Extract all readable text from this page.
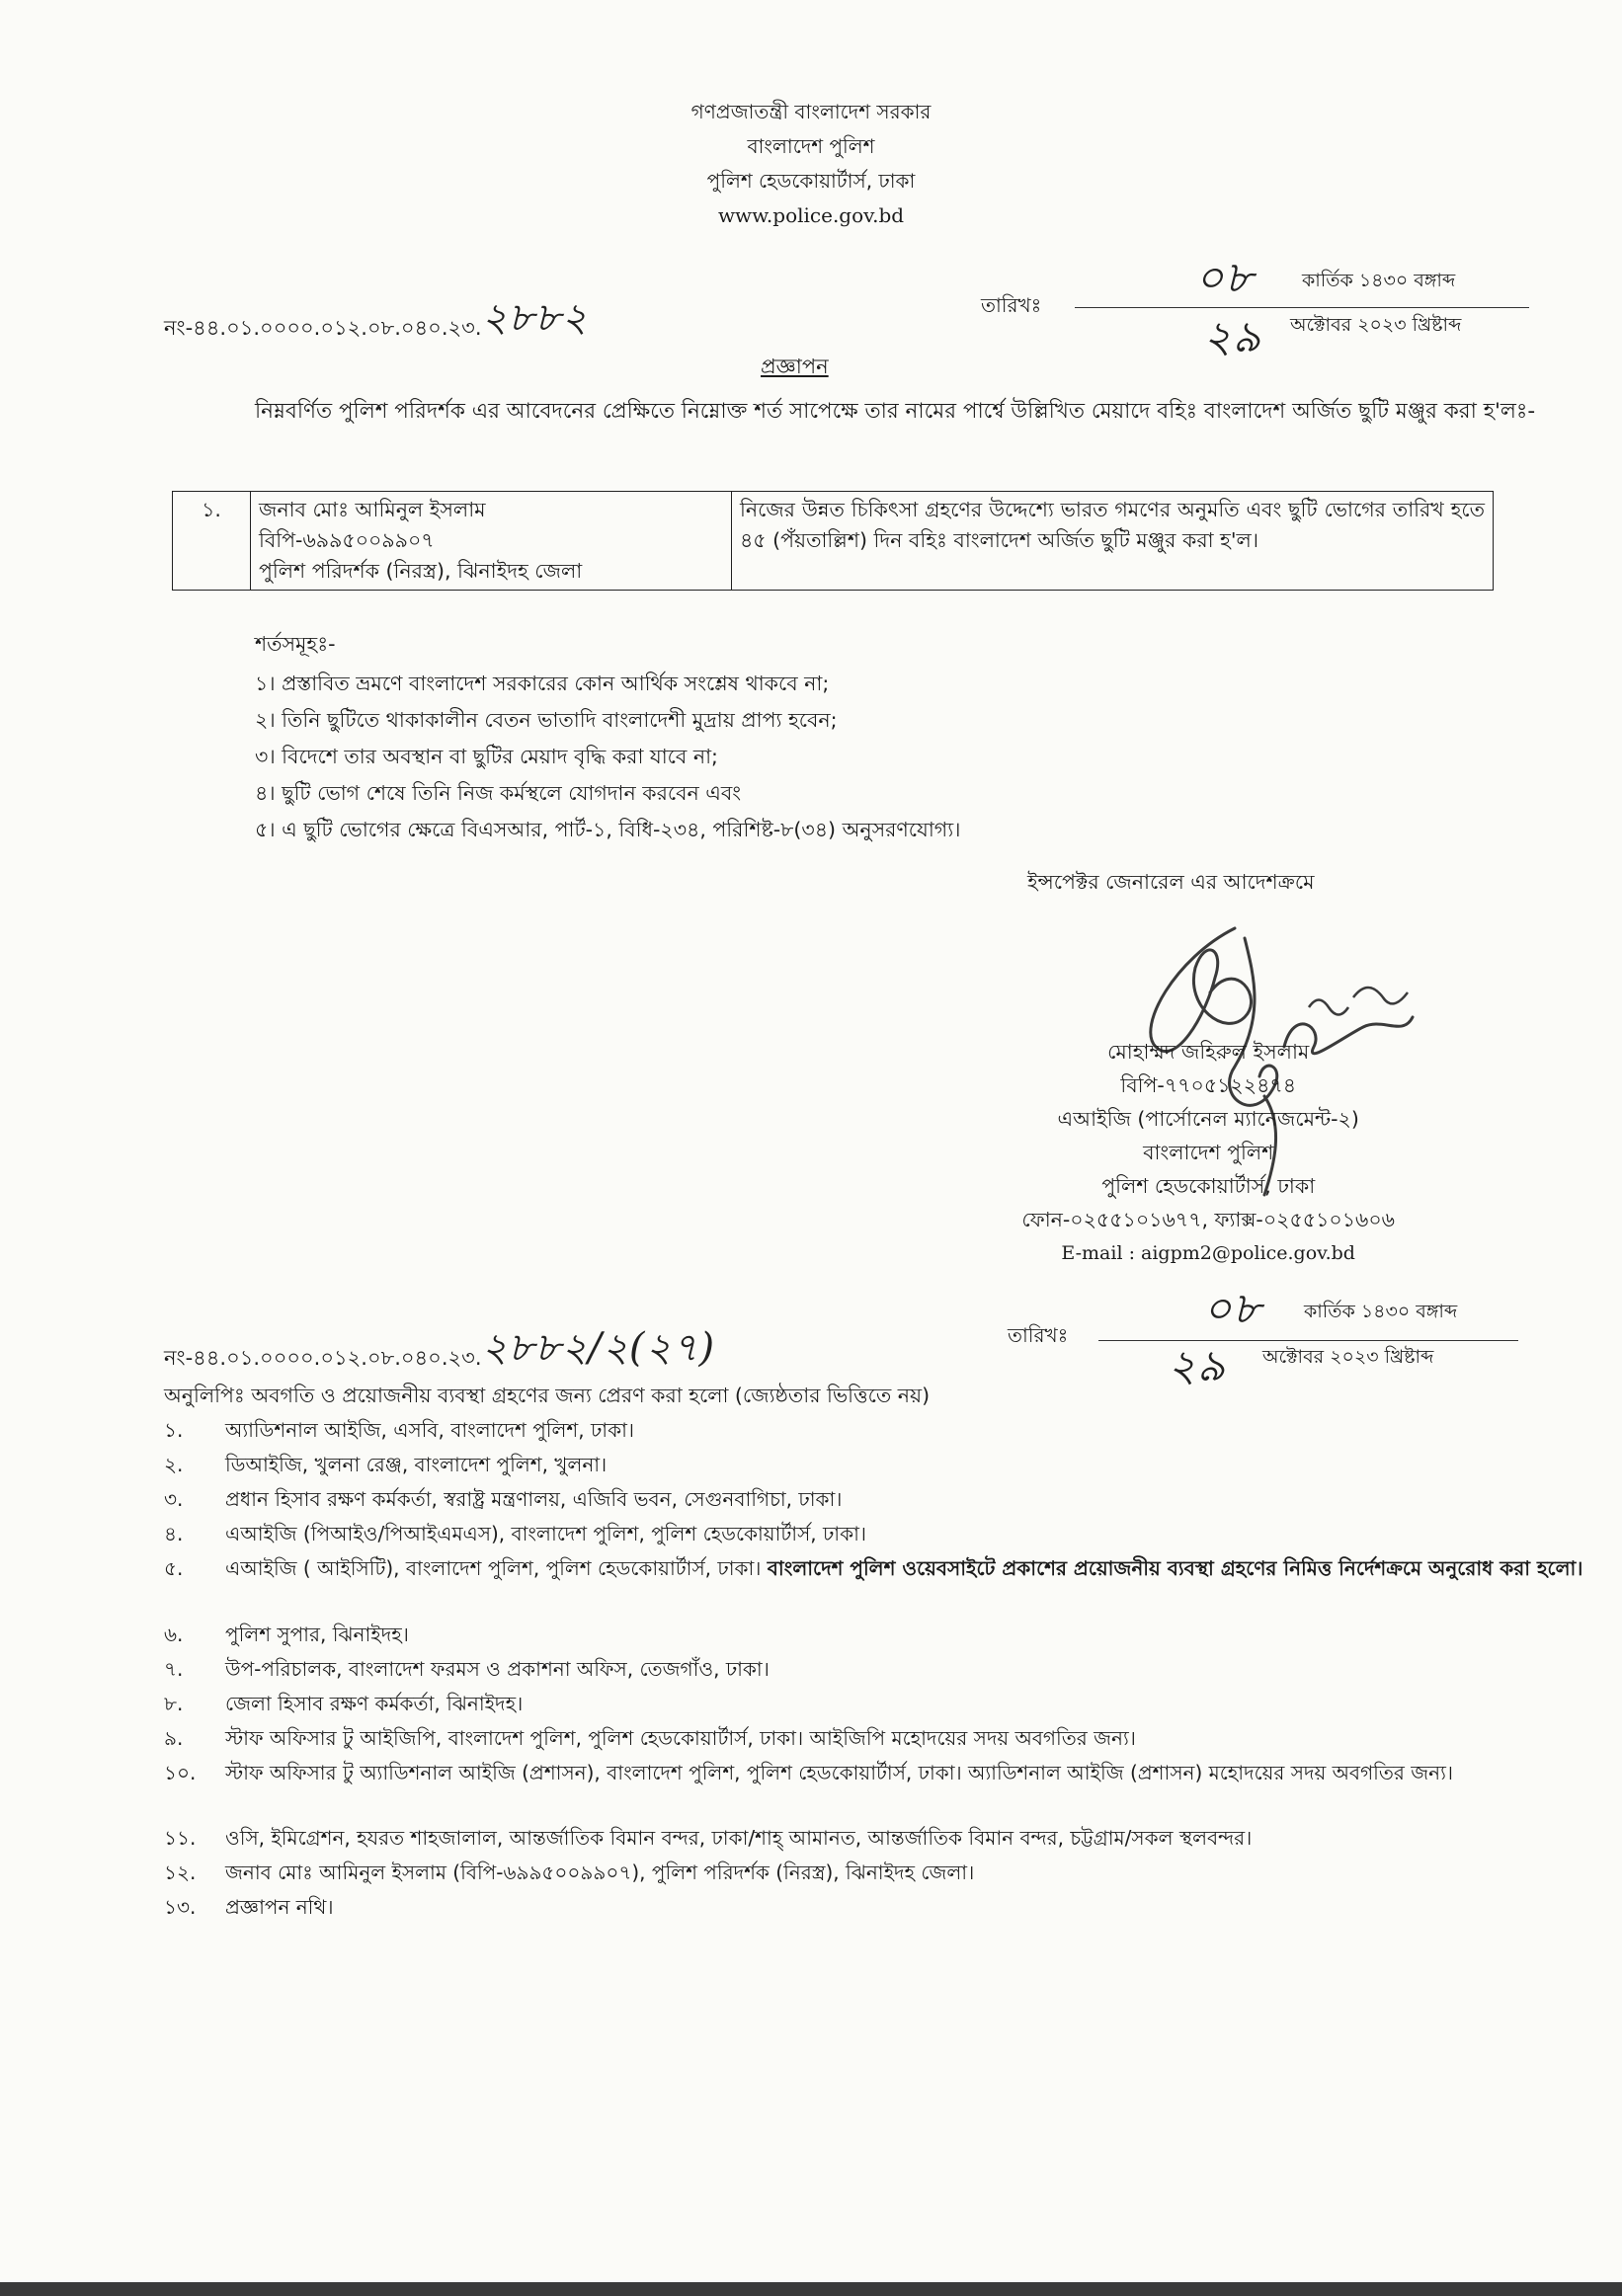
গণপ্রজাতন্ত্রী বাংলাদেশ সরকার
বাংলাদেশ পুলিশ
পুলিশ হেডকোয়ার্টার্স, ঢাকা
www.police.gov.bd
নং-৪৪.০১.০০০০.০১২.০৮.০৪০.২৩.২৮৮২	তারিখঃ
০৮	কার্তিক ১৪৩০ বঙ্গাব্দ
২৯ অক্টোবর ২০২৩ খ্রিষ্টাব্দ
প্রজ্ঞাপন
নিম্নবর্ণিত পুলিশ পরিদর্শক এর আবেদনের প্রেক্ষিতে নিম্নোক্ত শর্ত সাপেক্ষে তার নামের পার্শ্বে উল্লিখিত মেয়াদে বহিঃ বাংলাদেশ অর্জিত ছুটি মঞ্জুর করা হ'লঃ-
১.	জনাব মোঃ আমিনুল ইসলাম
বিপি-৬৯৯৫০০৯৯০৭
পুলিশ পরিদর্শক (নিরস্ত্র), ঝিনাইদহ জেলা
	নিজের উন্নত চিকিৎসা গ্রহণের উদ্দেশ্যে ভারত গমণের অনুমতি এবং ছুটি ভোগের তারিখ হতে ৪৫ (পঁয়তাল্লিশ) দিন বহিঃ বাংলাদেশ অর্জিত ছুটি মঞ্জুর করা হ'ল।
শর্তসমূহঃ-
১। প্রস্তাবিত ভ্রমণে বাংলাদেশ সরকারের কোন আর্থিক সংশ্লেষ থাকবে না;
২। তিনি ছুটিতে থাকাকালীন বেতন ভাতাদি বাংলাদেশী মুদ্রায় প্রাপ্য হবেন;
৩। বিদেশে তার অবস্থান বা ছুটির মেয়াদ বৃদ্ধি করা যাবে না;
৪। ছুটি ভোগ শেষে তিনি নিজ কর্মস্থলে যোগদান করবেন এবং
৫। এ ছুটি ভোগের ক্ষেত্রে বিএসআর, পার্ট-১, বিধি-২৩৪, পরিশিষ্ট-৮(৩৪) অনুসরণযোগ্য।
ইন্সপেক্টর জেনারেল এর আদেশক্রমে
মোহাম্মদ জহিরুল ইসলাম
বিপি-৭৭০৫১২২৪৭৪
এআইজি (পার্সোনেল ম্যানেজমেন্ট-২)
বাংলাদেশ পুলিশ
পুলিশ হেডকোয়ার্টার্স, ঢাকা
ফোন-০২৫৫১০১৬৭৭, ফ্যাক্স-০২৫৫১০১৬০৬
E-mail : aigpm2@police.gov.bd
নং-৪৪.০১.০০০০.০১২.০৮.০৪০.২৩.২৮৮২/২(২৭)	তারিখঃ
০৮ কার্তিক ১৪৩০ বঙ্গাব্দ
২৯ অক্টোবর ২০২৩ খ্রিষ্টাব্দ
অনুলিপিঃ অবগতি ও প্রয়োজনীয় ব্যবস্থা গ্রহণের জন্য প্রেরণ করা হলো (জ্যেষ্ঠতার ভিত্তিতে নয়)
১. অ্যাডিশনাল আইজি, এসবি, বাংলাদেশ পুলিশ, ঢাকা।
২. ডিআইজি, খুলনা রেঞ্জ, বাংলাদেশ পুলিশ, খুলনা।
৩. প্রধান হিসাব রক্ষণ কর্মকর্তা, স্বরাষ্ট্র মন্ত্রণালয়, এজিবি ভবন, সেগুনবাগিচা, ঢাকা।
৪. এআইজি (পিআইও/পিআইএমএস), বাংলাদেশ পুলিশ, পুলিশ হেডকোয়ার্টার্স, ঢাকা।
৫. এআইজি ( আইসিটি), বাংলাদেশ পুলিশ, পুলিশ হেডকোয়ার্টার্স, ঢাকা। বাংলাদেশ পুলিশ ওয়েবসাইটে প্রকাশের প্রয়োজনীয় ব্যবস্থা গ্রহণের নিমিত্ত নির্দেশক্রমে অনুরোধ করা হলো।
৬. পুলিশ সুপার, ঝিনাইদহ।
৭. উপ-পরিচালক, বাংলাদেশ ফরমস ও প্রকাশনা অফিস, তেজগাঁও, ঢাকা।
৮. জেলা হিসাব রক্ষণ কর্মকর্তা, ঝিনাইদহ।
৯. স্টাফ অফিসার টু আইজিপি, বাংলাদেশ পুলিশ, পুলিশ হেডকোয়ার্টার্স, ঢাকা। আইজিপি মহোদয়ের সদয় অবগতির জন্য।
১০. স্টাফ অফিসার টু অ্যাডিশনাল আইজি (প্রশাসন), বাংলাদেশ পুলিশ, পুলিশ হেডকোয়ার্টার্স, ঢাকা। অ্যাডিশনাল আইজি (প্রশাসন) মহোদয়ের সদয় অবগতির জন্য।
১১. ওসি, ইমিগ্রেশন, হযরত শাহজালাল, আন্তর্জাতিক বিমান বন্দর, ঢাকা/শাহ্ আমানত, আন্তর্জাতিক বিমান বন্দর, চট্টগ্রাম/সকল স্থলবন্দর।
১২. জনাব মোঃ আমিনুল ইসলাম (বিপি-৬৯৯৫০০৯৯০৭), পুলিশ পরিদর্শক (নিরস্ত্র), ঝিনাইদহ জেলা।
১৩. প্রজ্ঞাপন নথি।
